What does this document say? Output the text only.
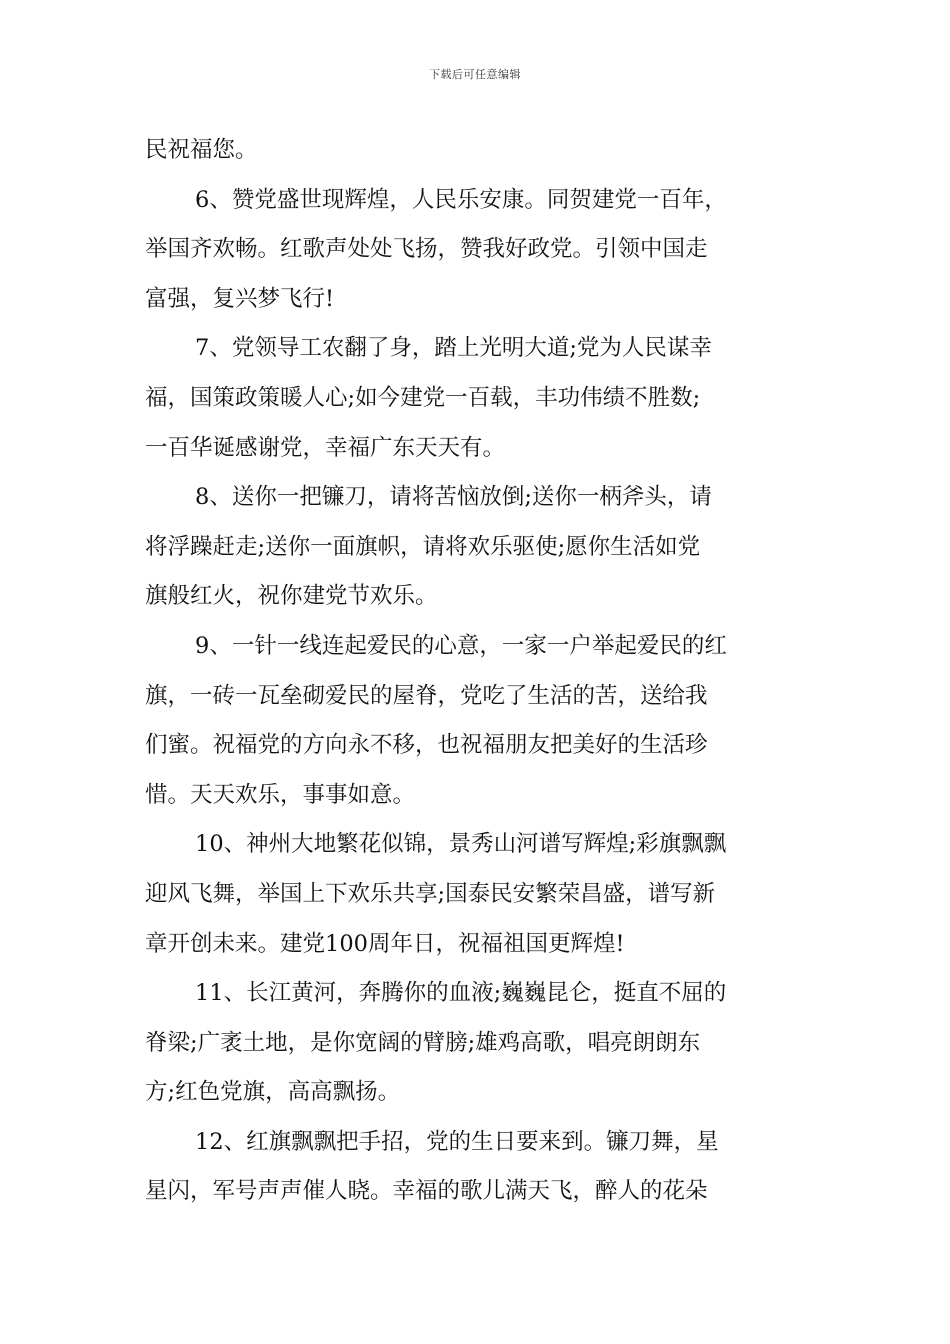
下载后可任意编辑
民祝福您。
6、赞党盛世现辉煌，人民乐安康。同贺建党一百年，
举国齐欢畅。红歌声处处飞扬，赞我好政党。引领中国走
富强，复兴梦飞行!
7、党领导工农翻了身，踏上光明大道;党为人民谋幸
福，国策政策暖人心;如今建党一百载，丰功伟绩不胜数;
一百华诞感谢党，幸福广东天天有。
8、送你一把镰刀，请将苦恼放倒;送你一柄斧头，请
将浮躁赶走;送你一面旗帜，请将欢乐驱使;愿你生活如党
旗般红火，祝你建党节欢乐。
9、一针一线连起爱民的心意，一家一户举起爱民的红
旗，一砖一瓦垒砌爱民的屋脊，党吃了生活的苦，送给我
们蜜。祝福党的方向永不移，也祝福朋友把美好的生活珍
惜。天天欢乐，事事如意。
10、神州大地繁花似锦，景秀山河谱写辉煌;彩旗飘飘
迎风飞舞，举国上下欢乐共享;国泰民安繁荣昌盛，谱写新
章开创未来。建党100周年日，祝福祖国更辉煌!
11、长江黄河，奔腾你的血液;巍巍昆仑，挺直不屈的
脊梁;广袤土地，是你宽阔的臂膀;雄鸡高歌，唱亮朗朗东
方;红色党旗，高高飘扬。
12、红旗飘飘把手招，党的生日要来到。镰刀舞，星
星闪，军号声声催人晓。幸福的歌儿满天飞，醉人的花朵
